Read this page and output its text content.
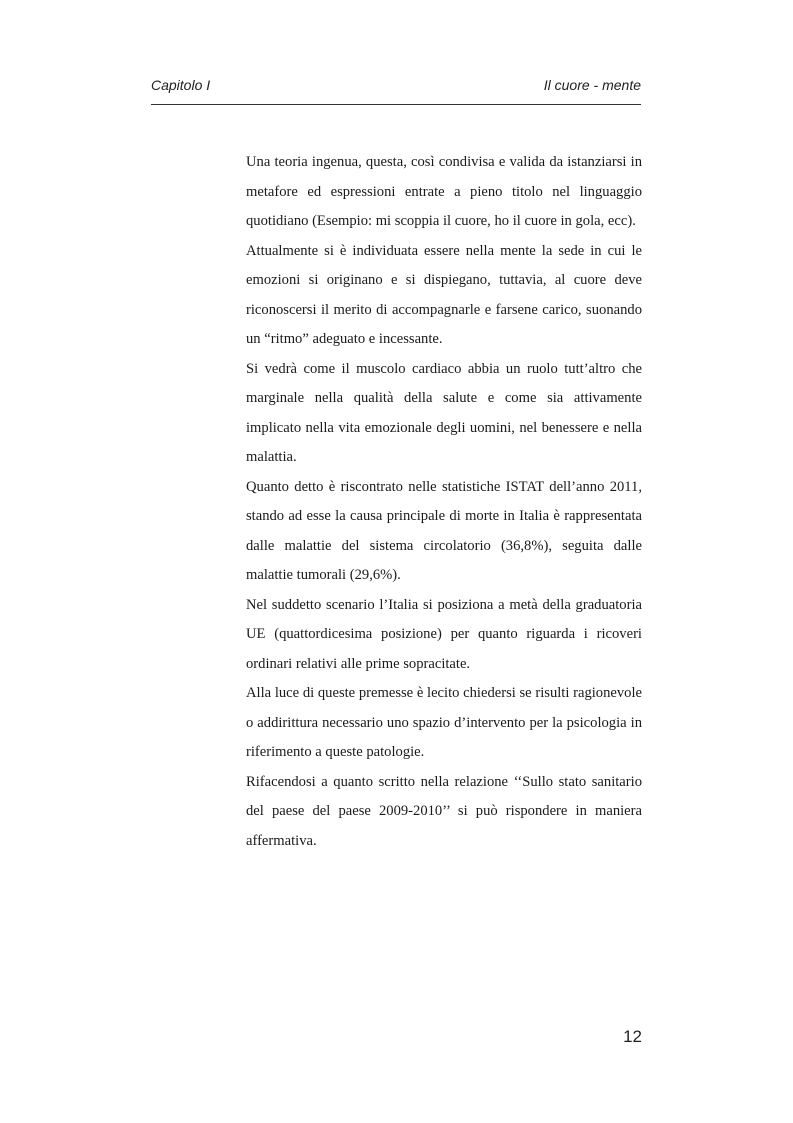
Capitolo I	Il cuore - mente

Una teoria ingenua, questa, così condivisa e valida da istanziarsi in metafore ed espressioni entrate a pieno titolo nel linguaggio quotidiano (Esempio: mi scoppia il cuore, ho il cuore in gola, ecc).

Attualmente si è individuata essere nella mente la sede in cui le emozioni si originano e si dispiegano, tuttavia, al cuore deve riconoscersi il merito di accompagnarle e farsene carico, suonando un “ritmo” adeguato e incessante.

Si vedrà come il muscolo cardiaco abbia un ruolo tutt’altro che marginale nella qualità della salute e come sia attivamente implicato nella vita emozionale degli uomini, nel benessere e nella malattia.

Quanto detto è riscontrato nelle statistiche ISTAT dell’anno 2011, stando ad esse la causa principale di morte in Italia è rappresentata dalle malattie del sistema circolatorio (36,8%), seguita dalle malattie tumorali (29,6%).

Nel suddetto scenario l’Italia si posiziona a metà della graduatoria UE (quattordicesima posizione) per quanto riguarda i ricoveri ordinari relativi alle prime sopracitate.

Alla luce di queste premesse è lecito chiedersi se risulti ragionevole o addirittura necessario uno spazio d’intervento per la psicologia in riferimento a queste patologie.

Rifacendosi a quanto scritto nella relazione ‘‘Sullo stato sanitario del paese del paese 2009-2010’’ si può rispondere in maniera affermativa.

12
